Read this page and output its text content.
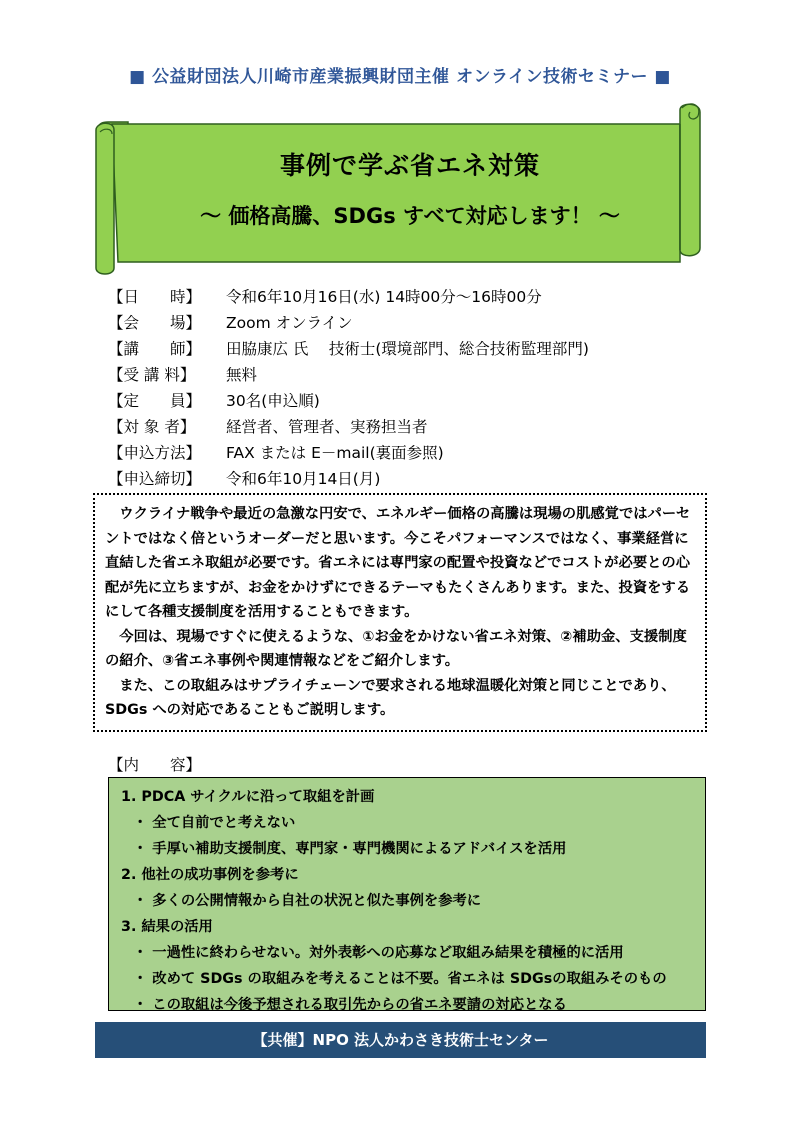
■ 公益財団法人川崎市産業振興財団主催 オンライン技術セミナー ■
事例で学ぶ省エネ対策
～ 価格高騰、SDGs すべて対応します！ ～
【日　　時】	令和6年10月16日(水) 14時00分～16時00分
【会　　場】	Zoom オンライン
【講　　師】	田脇康広 氏　 技術士(環境部門、総合技術監理部門)
【受 講 料】	無料
【定　　員】	30名(申込順)
【対 象 者】	経営者、管理者、実務担当者
【申込方法】	FAX または E－mail(裏面参照)
【申込締切】	令和6年10月14日(月)

ウクライナ戦争や最近の急激な円安で、エネルギー価格の高騰は現場の肌感覚ではパーセントではなく倍というオーダーだと思います。今こそパフォーマンスではなく、事業経営に直結した省エネ取組が必要です。省エネには専門家の配置や投資などでコストが必要との心配が先に立ちますが、お金をかけずにできるテーマもたくさんあります。また、投資をするにして各種支援制度を活用することもできます。

今回は、現場ですぐに使えるような、①お金をかけない省エネ対策、②補助金、支援制度の紹介、③省エネ事例や関連情報などをご紹介します。

また、この取組みはサプライチェーンで要求される地球温暖化対策と同じことであり、SDGs への対応であることもご説明します。

【内　　容】
1. PDCA サイクルに沿って取組を計画
・ 全て自前でと考えない
・ 手厚い補助支援制度、専門家・専門機関によるアドバイスを活用
2. 他社の成功事例を参考に
・ 多くの公開情報から自社の状況と似た事例を参考に
3. 結果の活用
・ 一過性に終わらせない。対外表彰への応募など取組み結果を積極的に活用
・ 改めて SDGs の取組みを考えることは不要。省エネは SDGsの取組みそのもの
・ この取組は今後予想される取引先からの省エネ要請の対応となる
【共催】NPO 法人かわさき技術士センター
